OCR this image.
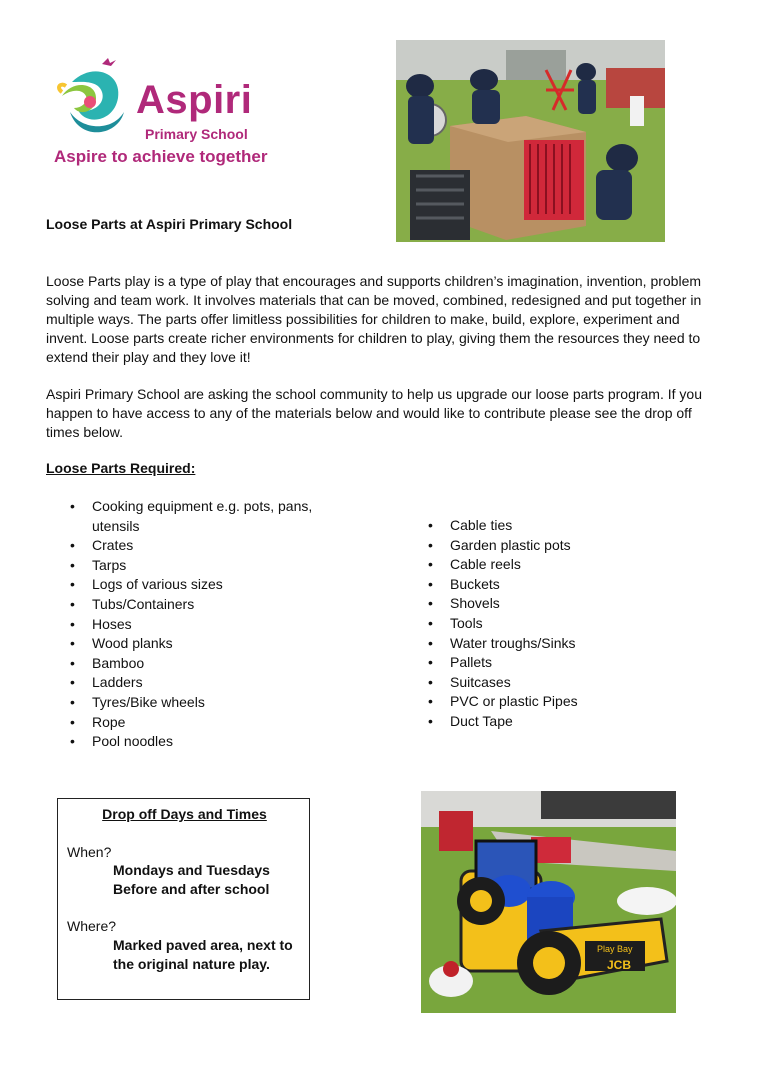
Aspiri
Primary School
Aspire to achieve together
Loose Parts at Aspiri Primary School
Loose Parts play is a type of play that encourages and supports children’s imagination, invention, problem solving and team work. It involves materials that can be moved, combined, redesigned and put together in multiple ways. The parts offer limitless possibilities for children to make, build, explore, experiment and invent. Loose parts create richer environments for children to play, giving them the resources they need to extend their play and they love it!
Aspiri Primary School are asking the school community to help us upgrade our loose parts program. If you happen to have access to any of the materials below and would like to contribute please see the drop off times below.
Loose Parts Required:
• Cooking equipment e.g. pots, pans, utensils
• Crates
• Tarps
• Logs of various sizes
• Tubs/Containers
• Hoses
• Wood planks
• Bamboo
• Ladders
• Tyres/Bike wheels
• Rope
• Pool noodles
• Cable ties
• Garden plastic pots
• Cable reels
• Buckets
• Shovels
• Tools
• Water troughs/Sinks
• Pallets
• Suitcases
• PVC or plastic Pipes
• Duct Tape
Drop off Days and Times
When?
Mondays and Tuesdays
Before and after school
Where?
Marked paved area, next to
the original nature play.
Play Bay
JCB
